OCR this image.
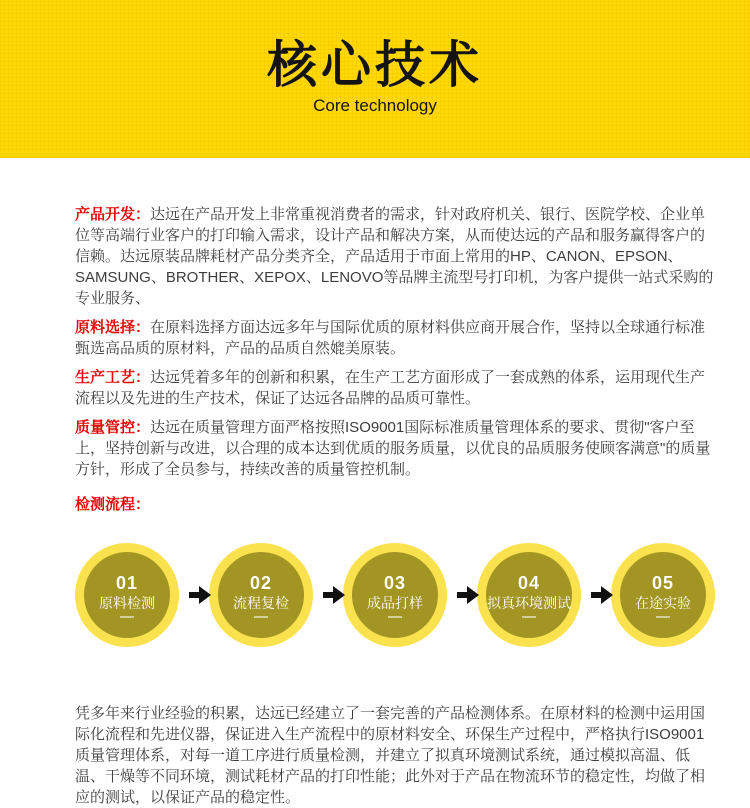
核心技术
Core technology

产品开发：达远在产品开发上非常重视消费者的需求，针对政府机关、银行、医院学校、企业单位等高端行业客户的打印输入需求，设计产品和解决方案，从而使达远的产品和服务赢得客户的信赖。达远原装品牌耗材产品分类齐全，产品适用于市面上常用的HP、CANON、EPSON、SAMSUNG、BROTHER、XEPOX、LENOVO等品牌主流型号打印机，为客户提供一站式采购的专业服务、

原料选择：在原料选择方面达远多年与国际优质的原材料供应商开展合作，坚持以全球通行标准甄选高品质的原材料，产品的品质自然媲美原装。

生产工艺：达远凭着多年的创新和积累，在生产工艺方面形成了一套成熟的体系，运用现代生产流程以及先进的生产技术，保证了达远各品牌的品质可靠性。

质量管控：达远在质量管理方面严格按照ISO9001国际标准质量管理体系的要求、贯彻"客户至上，坚持创新与改进，以合理的成本达到优质的服务质量，以优良的品质服务使顾客满意"的质量方针，形成了全员参与，持续改善的质量管控机制。

检测流程：

01
原料检测
02
流程复检
03
成品打样
04
拟真环境测试
05
在途实验

凭多年来行业经验的积累，达远已经建立了一套完善的产品检测体系。在原材料的检测中运用国际化流程和先进仪器，保证进入生产流程中的原材料安全、环保生产过程中，严格执行ISO9001质量管理体系，对每一道工序进行质量检测，并建立了拟真环境测试系统，通过模拟高温、低温、干燥等不同环境，测试耗材产品的打印性能；此外对于产品在物流环节的稳定性，均做了相应的测试，以保证产品的稳定性。
